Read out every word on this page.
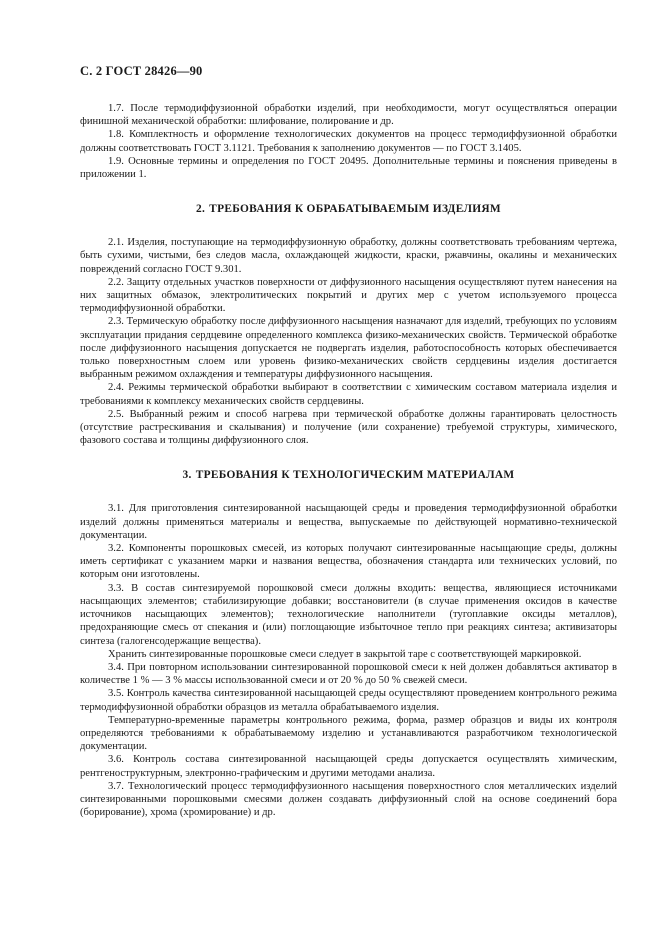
С. 2 ГОСТ 28426—90

1.7. После термодиффузионной обработки изделий, при необходимости, могут осуществляться операции финишной механической обработки: шлифование, полирование и др.

1.8. Комплектность и оформление технологических документов на процесс термодиффузионной обработки должны соответствовать ГОСТ 3.1121. Требования к заполнению документов — по ГОСТ 3.1405.

1.9. Основные термины и определения по ГОСТ 20495. Дополнительные термины и пояснения приведены в приложении 1.

2. ТРЕБОВАНИЯ К ОБРАБАТЫВАЕМЫМ ИЗДЕЛИЯМ

2.1. Изделия, поступающие на термодиффузионную обработку, должны соответствовать требованиям чертежа, быть сухими, чистыми, без следов масла, охлаждающей жидкости, краски, ржавчины, окалины и механических повреждений согласно ГОСТ 9.301.

2.2. Защиту отдельных участков поверхности от диффузионного насыщения осуществляют путем нанесения на них защитных обмазок, электролитических покрытий и других мер с учетом используемого процесса термодиффузионной обработки.

2.3. Термическую обработку после диффузионного насыщения назначают для изделий, требующих по условиям эксплуатации придания сердцевине определенного комплекса физико-механических свойств. Термической обработке после диффузионного насыщения допускается не подвергать изделия, работоспособность которых обеспечивается только поверхностным слоем или уровень физико-механических свойств сердцевины изделия достигается выбранным режимом охлаждения и температуры диффузионного насыщения.

2.4. Режимы термической обработки выбирают в соответствии с химическим составом материала изделия и требованиями к комплексу механических свойств сердцевины.

2.5. Выбранный режим и способ нагрева при термической обработке должны гарантировать целостность (отсутствие растрескивания и скалывания) и получение (или сохранение) требуемой структуры, химического, фазового состава и толщины диффузионного слоя.

3. ТРЕБОВАНИЯ К ТЕХНОЛОГИЧЕСКИМ МАТЕРИАЛАМ

3.1. Для приготовления синтезированной насыщающей среды и проведения термодиффузионной обработки изделий должны применяться материалы и вещества, выпускаемые по действующей нормативно-технической документации.

3.2. Компоненты порошковых смесей, из которых получают синтезированные насыщающие среды, должны иметь сертификат с указанием марки и названия вещества, обозначения стандарта или технических условий, по которым они изготовлены.

3.3. В состав синтезируемой порошковой смеси должны входить: вещества, являющиеся источниками насыщающих элементов; стабилизирующие добавки; восстановители (в случае применения оксидов в качестве источников насыщающих элементов); технологические наполнители (тугоплавкие оксиды металлов), предохраняющие смесь от спекания и (или) поглощающие избыточное тепло при реакциях синтеза; активизаторы синтеза (галогенсодержащие вещества).

Хранить синтезированные порошковые смеси следует в закрытой таре с соответствующей маркировкой.

3.4. При повторном использовании синтезированной порошковой смеси к ней должен добавляться активатор в количестве 1 % — 3 % массы использованной смеси и от 20 % до 50 % свежей смеси.

3.5. Контроль качества синтезированной насыщающей среды осуществляют проведением контрольного режима термодиффузионной обработки образцов из металла обрабатываемого изделия.

Температурно-временные параметры контрольного режима, форма, размер образцов и виды их контроля определяются требованиями к обрабатываемому изделию и устанавливаются разработчиком технологической документации.

3.6. Контроль состава синтезированной насыщающей среды допускается осуществлять химическим, рентгеноструктурным, электронно-графическим и другими методами анализа.

3.7. Технологический процесс термодиффузионного насыщения поверхностного слоя металлических изделий синтезированными порошковыми смесями должен создавать диффузионный слой на основе соединений бора (борирование), хрома (хромирование) и др.
